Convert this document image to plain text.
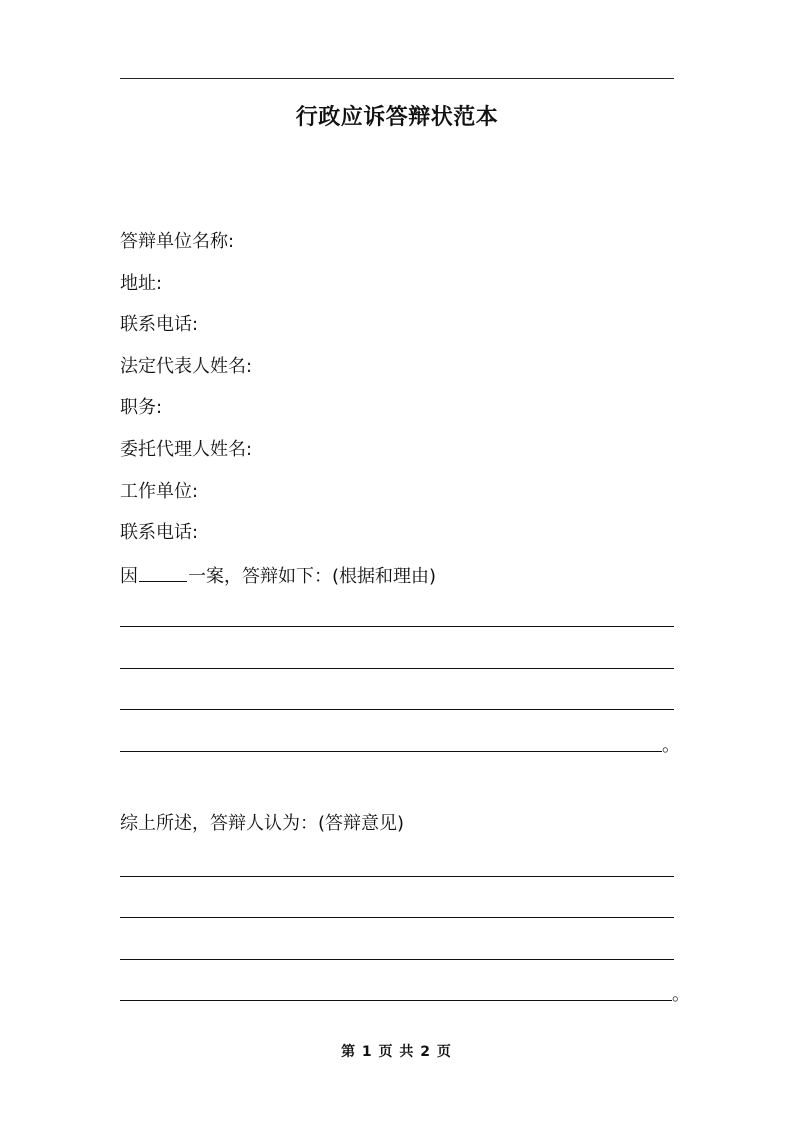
行政应诉答辩状范本
答辩单位名称:
地址:
联系电话:
法定代表人姓名:
职务:
委托代理人姓名:
工作单位:
联系电话:
因	一案，答辩如下：(根据和理由)
。
综上所述，答辩人认为：(答辩意见)
。
第 1 页 共 2 页
